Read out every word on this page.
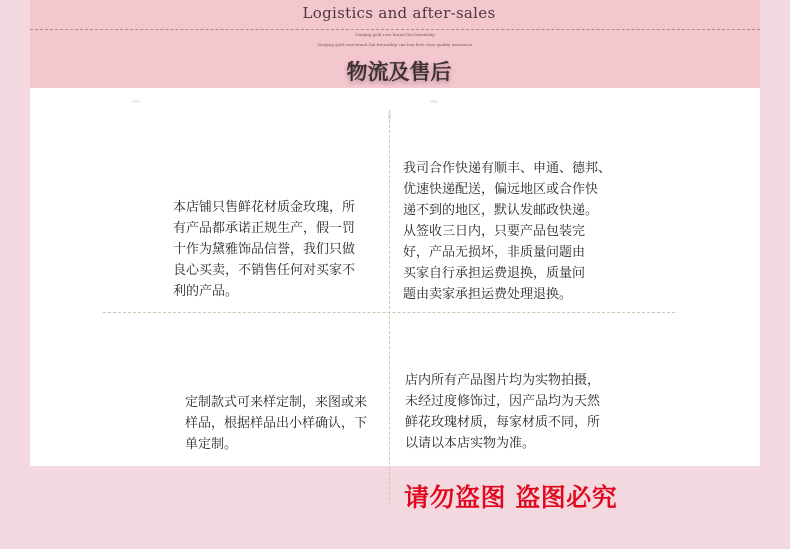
Logistics and after-sales
Nanjing gold rose brand Dai friendship
Nanjing gold rose brand Dai friendship can buy first class quality assurance
物流及售后

本店铺只售鲜花材质金玫瑰，所
有产品都承诺正规生产，假一罚
十作为黛雅饰品信誉，我们只做
良心买卖，不销售任何对买家不
利的产品。

我司合作快递有顺丰、申通、德邦、
优速快递配送，偏远地区或合作快
递不到的地区，默认发邮政快递。
从签收三日内，只要产品包装完
好，产品无损坏，非质量问题由
买家自行承担运费退换，质量问
题由卖家承担运费处理退换。

定制款式可来样定制，来图或来
样品，根据样品出小样确认，下
单定制。

店内所有产品图片均为实物拍摄，
未经过度修饰过，因产品均为天然
鲜花玫瑰材质，每家材质不同，所
以请以本店实物为准。

请勿盗图 盗图必究
